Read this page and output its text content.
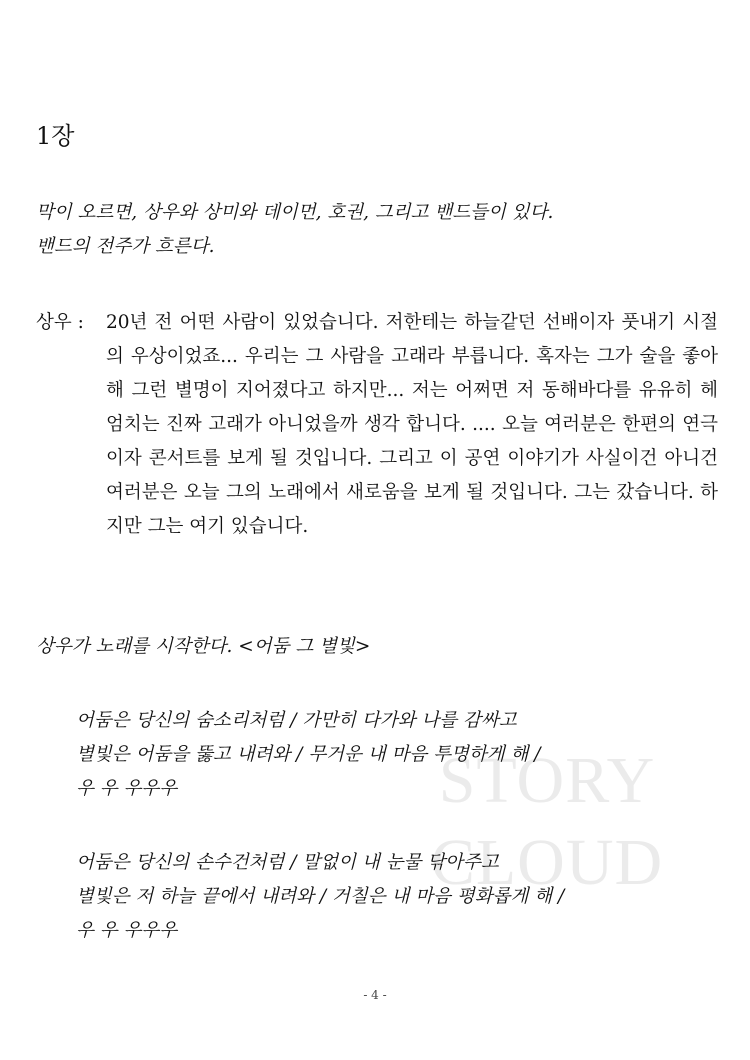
STORY
CLOUD
1장
막이 오르면, 상우와 상미와 데이먼, 호권, 그리고 밴드들이 있다.
밴드의 전주가 흐른다.
상우 : 20년 전 어떤 사람이 있었습니다. 저한테는 하늘같던 선배이자 풋내기 시절의 우상이었죠... 우리는 그 사람을 고래라 부릅니다. 혹자는 그가 술을 좋아해 그런 별명이 지어졌다고 하지만... 저는 어쩌면 저 동해바다를 유유히 헤엄치는 진짜 고래가 아니었을까 생각 합니다. .... 오늘 여러분은 한편의 연극이자 콘서트를 보게 될 것입니다. 그리고 이 공연 이야기가 사실이건 아니건 여러분은 오늘 그의 노래에서 새로움을 보게 될 것입니다. 그는 갔습니다. 하지만 그는 여기 있습니다.
상우가 노래를 시작한다. <어둠 그 별빛>
어둠은 당신의 숨소리처럼 / 가만히 다가와 나를 감싸고
별빛은 어둠을 뚫고 내려와 / 무거운 내 마음 투명하게 해 /
우 우 우우우
어둠은 당신의 손수건처럼 / 말없이 내 눈물 닦아주고
별빛은 저 하늘 끝에서 내려와 / 거칠은 내 마음 평화롭게 해 /
우 우 우우우
- 4 -
